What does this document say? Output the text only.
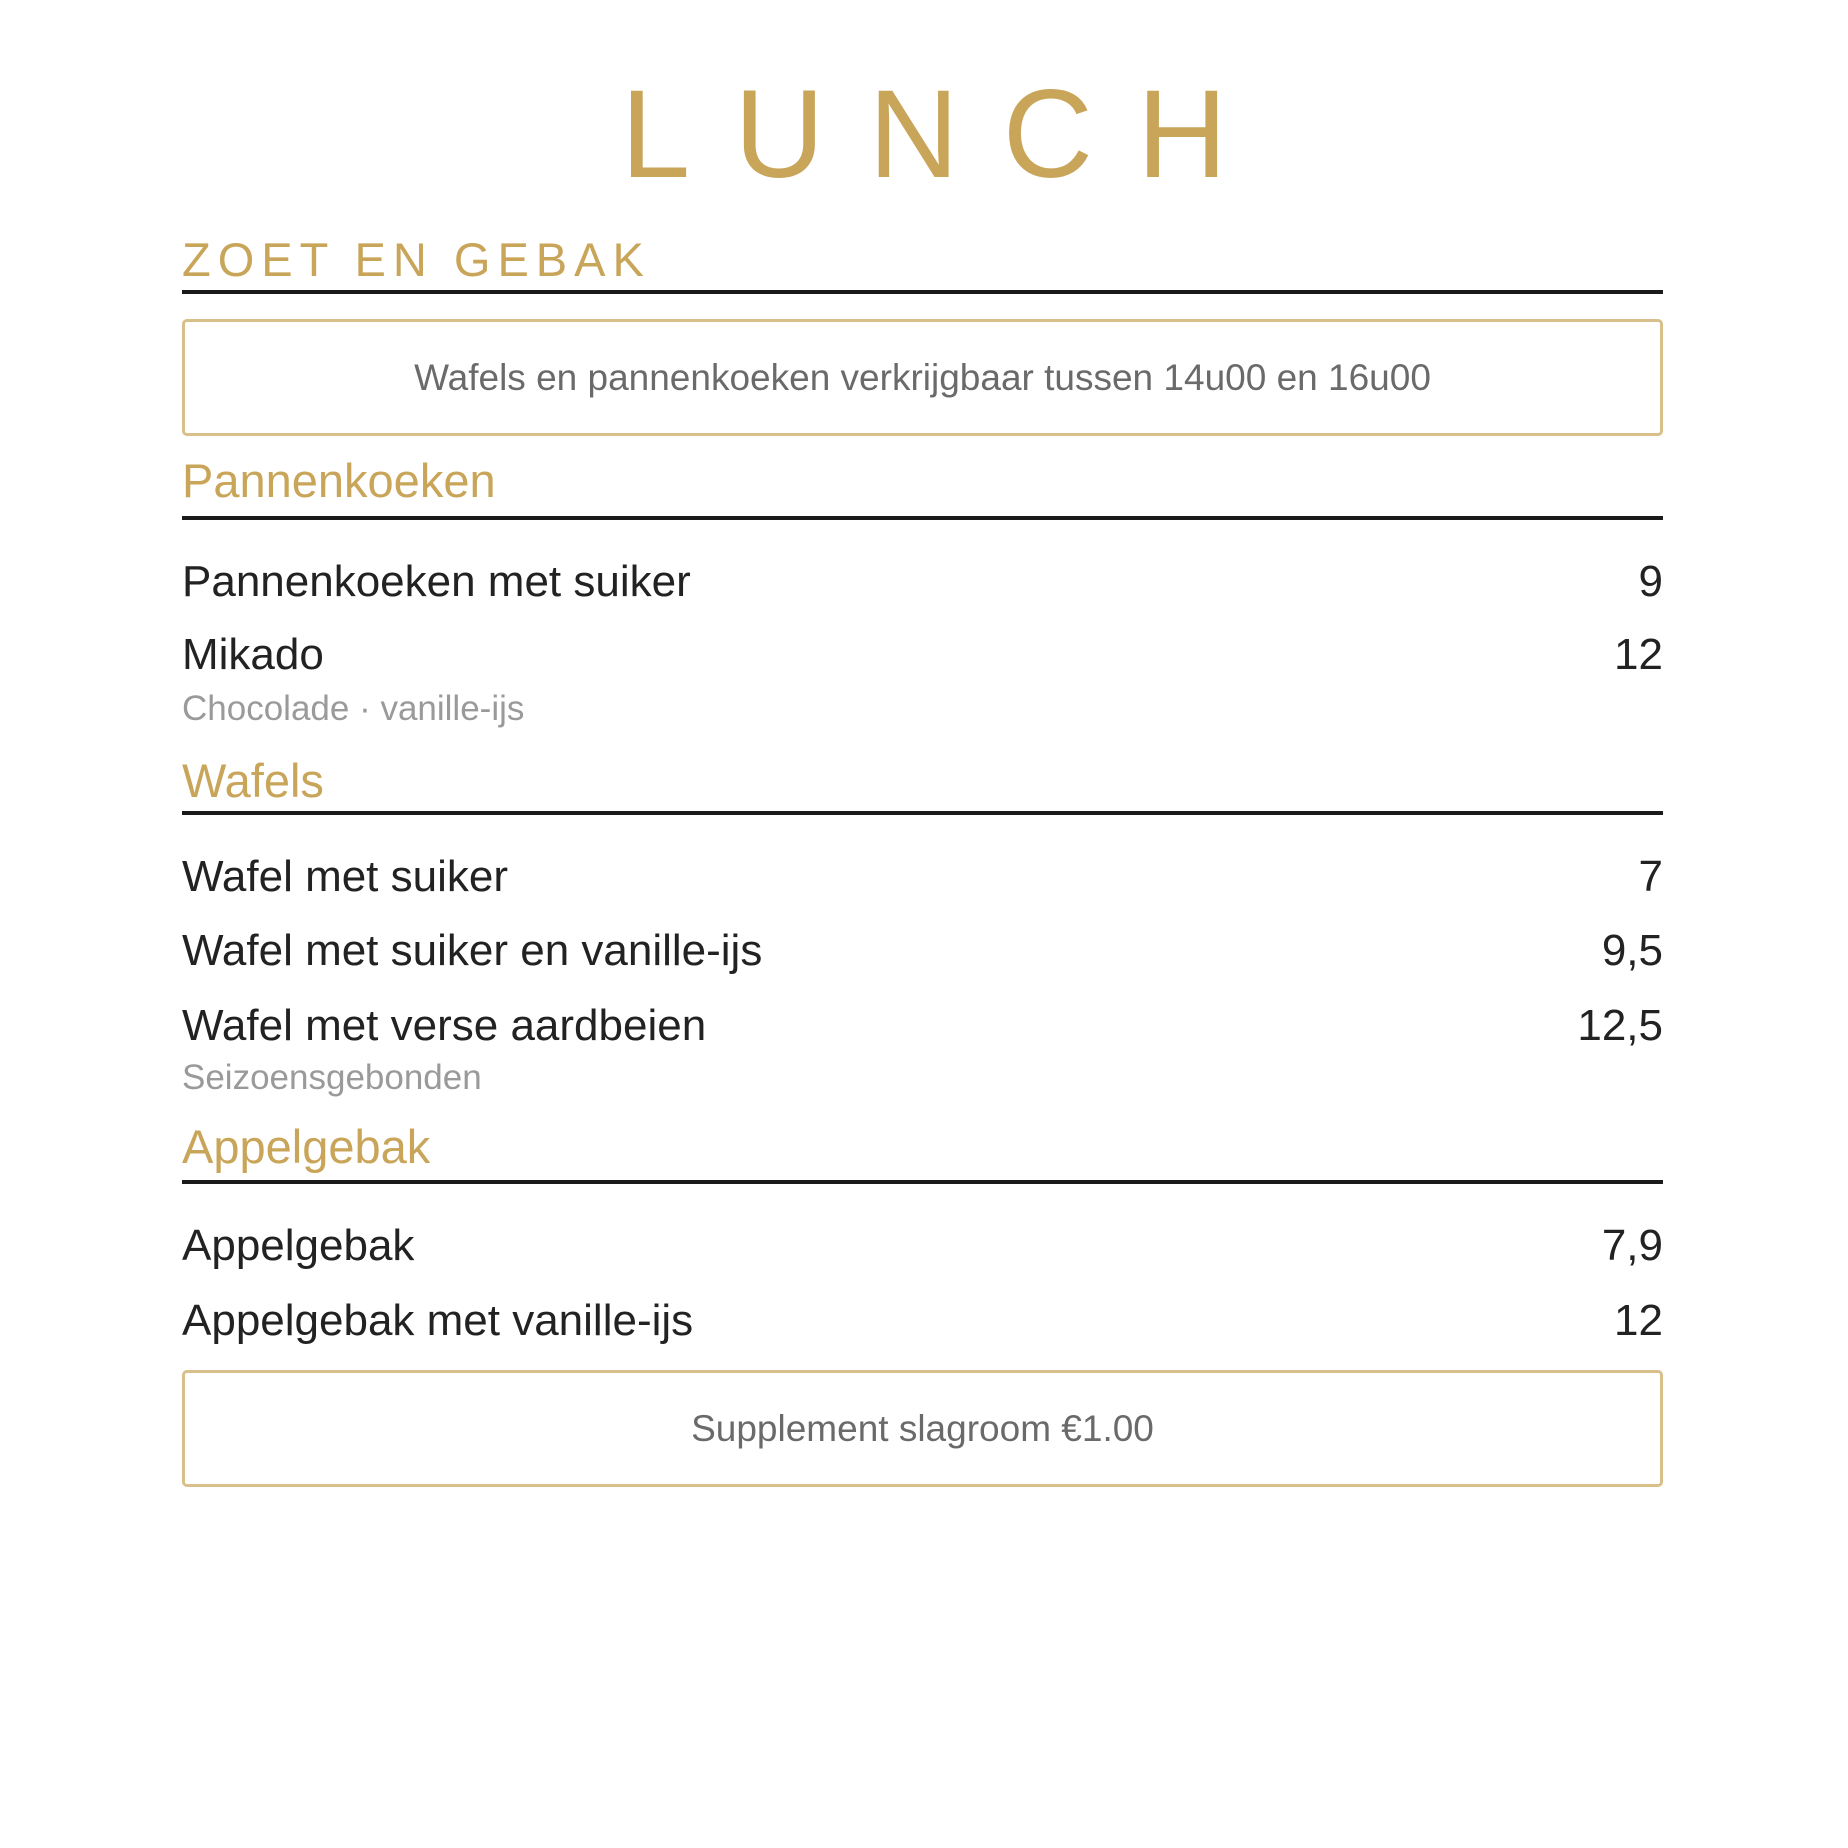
LUNCH
ZOET EN GEBAK
Wafels en pannenkoeken verkrijgbaar tussen 14u00 en 16u00
Pannenkoeken
Pannenkoeken met suiker	9
Mikado	12
Chocolade · vanille-ijs
Wafels
Wafel met suiker	7
Wafel met suiker en vanille-ijs	9,5
Wafel met verse aardbeien	12,5
Seizoensgebonden
Appelgebak
Appelgebak	7,9
Appelgebak met vanille-ijs	12
Supplement slagroom €1.00
